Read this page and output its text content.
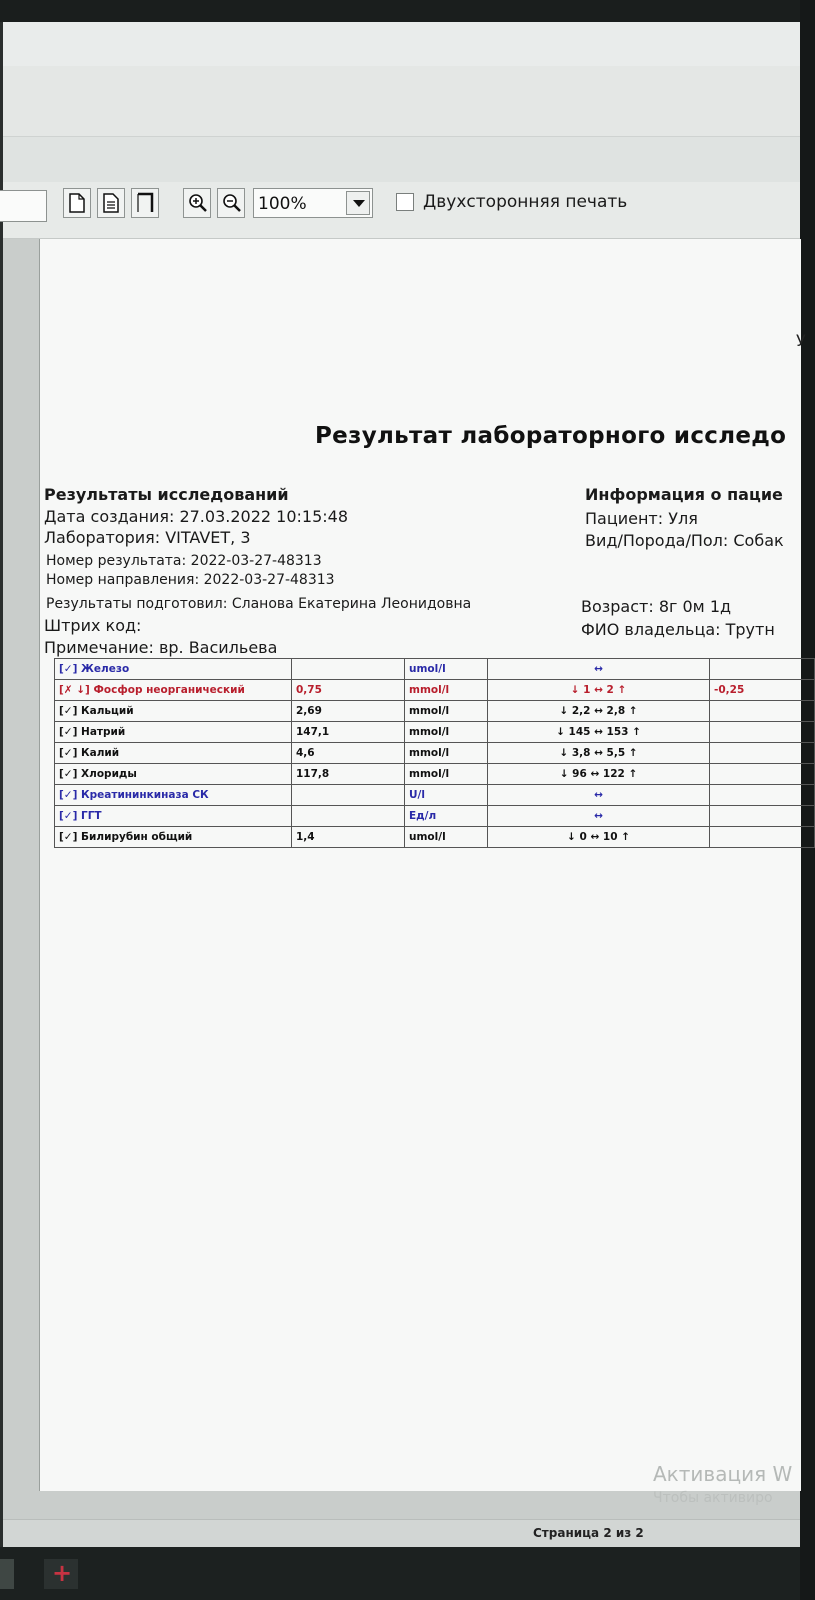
100%	Двухсторонняя печать
У
Результат лабораторного исследо
Результаты исследований
Дата создания: 27.03.2022 10:15:48
Лаборатория: VITAVET, 3
Номер результата: 2022-03-27-48313
Номер направления: 2022-03-27-48313
Результаты подготовил: Сланова Екатерина Леонидовна
Штрих код:
Примечание: вр. Васильева
Информация о пацие
Пациент: Уля
Вид/Порода/Пол: Собак
Возраст: 8г 0м 1д
ФИО владельца: Трутн
[✓] Железо		umol/l	↔	
[✗ ↓] Фосфор неорганический	0,75	mmol/l	↓ 1 ↔ 2 ↑	-0,25
[✓] Кальций	2,69	mmol/l	↓ 2,2 ↔ 2,8 ↑	
[✓] Натрий	147,1	mmol/l	↓ 145 ↔ 153 ↑	
[✓] Калий	4,6	mmol/l	↓ 3,8 ↔ 5,5 ↑	
[✓] Хлориды	117,8	mmol/l	↓ 96 ↔ 122 ↑	
[✓] Креатининкиназа СК		U/l	↔	
[✓] ГГТ		Ед/л	↔	
[✓] Билирубин общий	1,4	umol/l	↓ 0 ↔ 10 ↑	
Активация W
Чтобы активиро
Страница 2 из 2
+
